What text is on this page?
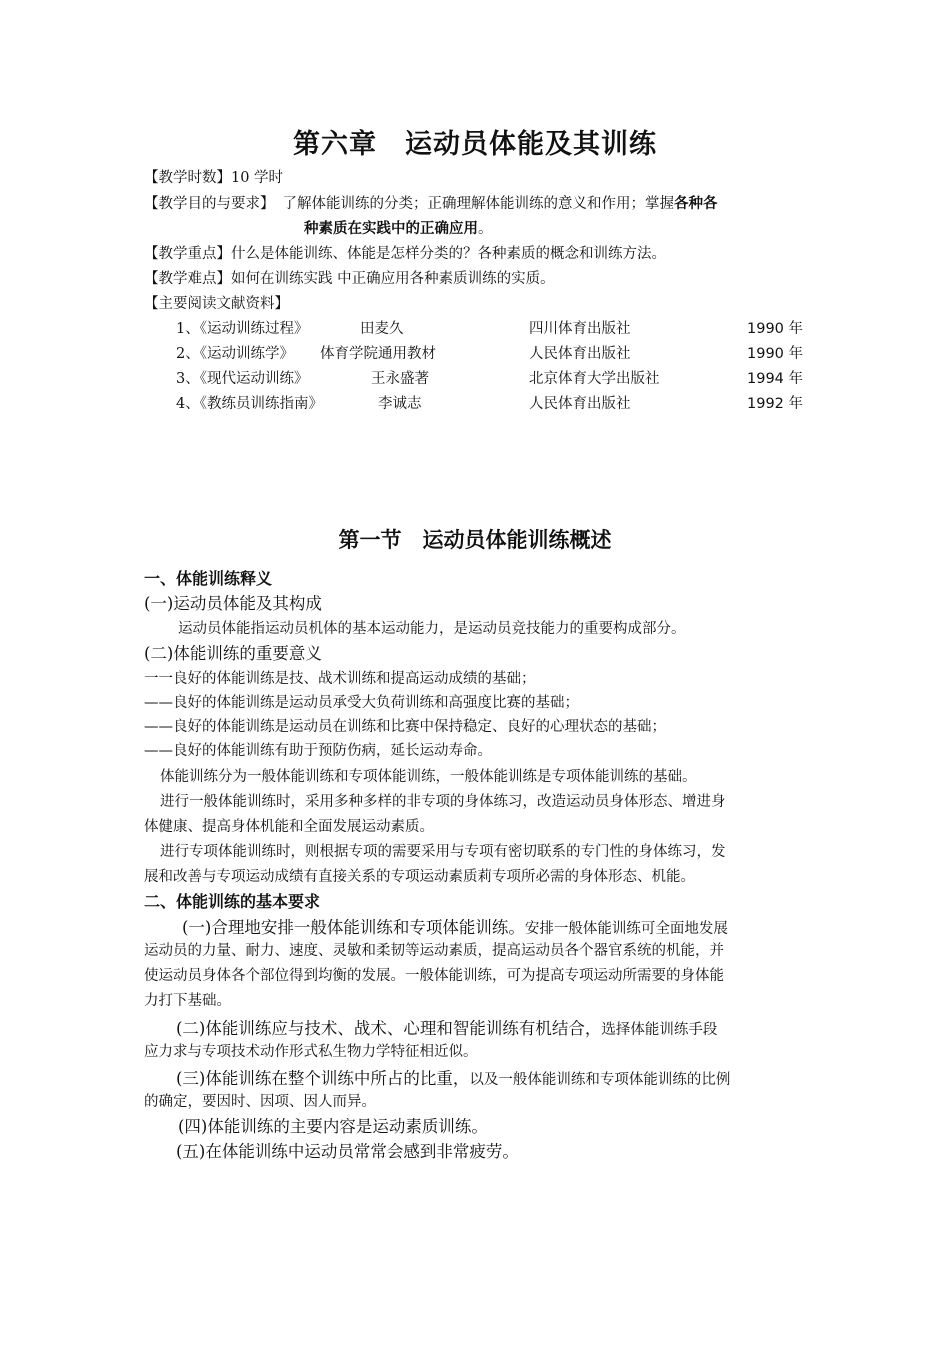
第六章　运动员体能及其训练
【教学时数】10 学时
【教学目的与要求】 了解体能训练的分类；正确理解体能训练的意义和作用；掌握各种各
种素质在实践中的正确应用。
【教学重点】什么是体能训练、体能是怎样分类的？各种素质的概念和训练方法。
【教学难点】如何在训练实践 中正确应用各种素质训练的实质。
【主要阅读文献资料】
1、《运动训练过程》	田麦久	四川体育出版社	1990 年
2、《运动训练学》 体育学院通用教材	人民体育出版社	1990 年
3、《现代运动训练》	王永盛著	北京体育大学出版社	1994 年
4、《教练员训练指南》	李诚志	人民体育出版社	1992 年
第一节　运动员体能训练概述
一、体能训练释义
(一)运动员体能及其构成
运动员体能指运动员机体的基本运动能力，是运动员竞技能力的重要构成部分。
(二)体能训练的重要意义
一一良好的体能训练是技、战术训练和提高运动成绩的基础；
——良好的体能训练是运动员承受大负荷训练和高强度比赛的基础；
——良好的体能训练是运动员在训练和比赛中保持稳定、良好的心理状态的基础；
——良好的体能训练有助于预防伤病，延长运动寿命。
体能训练分为一般体能训练和专项体能训练，一般体能训练是专项体能训练的基础。
进行一般体能训练时，采用多种多样的非专项的身体练习，改造运动员身体形态、增进身
体健康、提高身体机能和全面发展运动素质。
进行专项体能训练时，则根据专项的需要采用与专项有密切联系的专门性的身体练习，发
展和改善与专项运动成绩有直接关系的专项运动素质莉专项所必需的身体形态、机能。
二、体能训练的基本要求
(一)合理地安排一般体能训练和专项体能训练。安排一般体能训练可全面地发展
运动员的力量、耐力、速度、灵敏和柔韧等运动素质，提高运动员各个器官系统的机能，并
使运动员身体各个部位得到均衡的发展。一般体能训练，可为提高专项运动所需要的身体能
力打下基础。
(二)体能训练应与技术、战术、心理和智能训练有机结合，选择体能训练手段
应力求与专项技术动作形式私生物力学特征相近似。
(三)体能训练在整个训练中所占的比重，以及一般体能训练和专项体能训练的比例
的确定，要因时、因项、因人而异。
(四)体能训练的主要内容是运动素质训练。
(五)在体能训练中运动员常常会感到非常疲劳。
